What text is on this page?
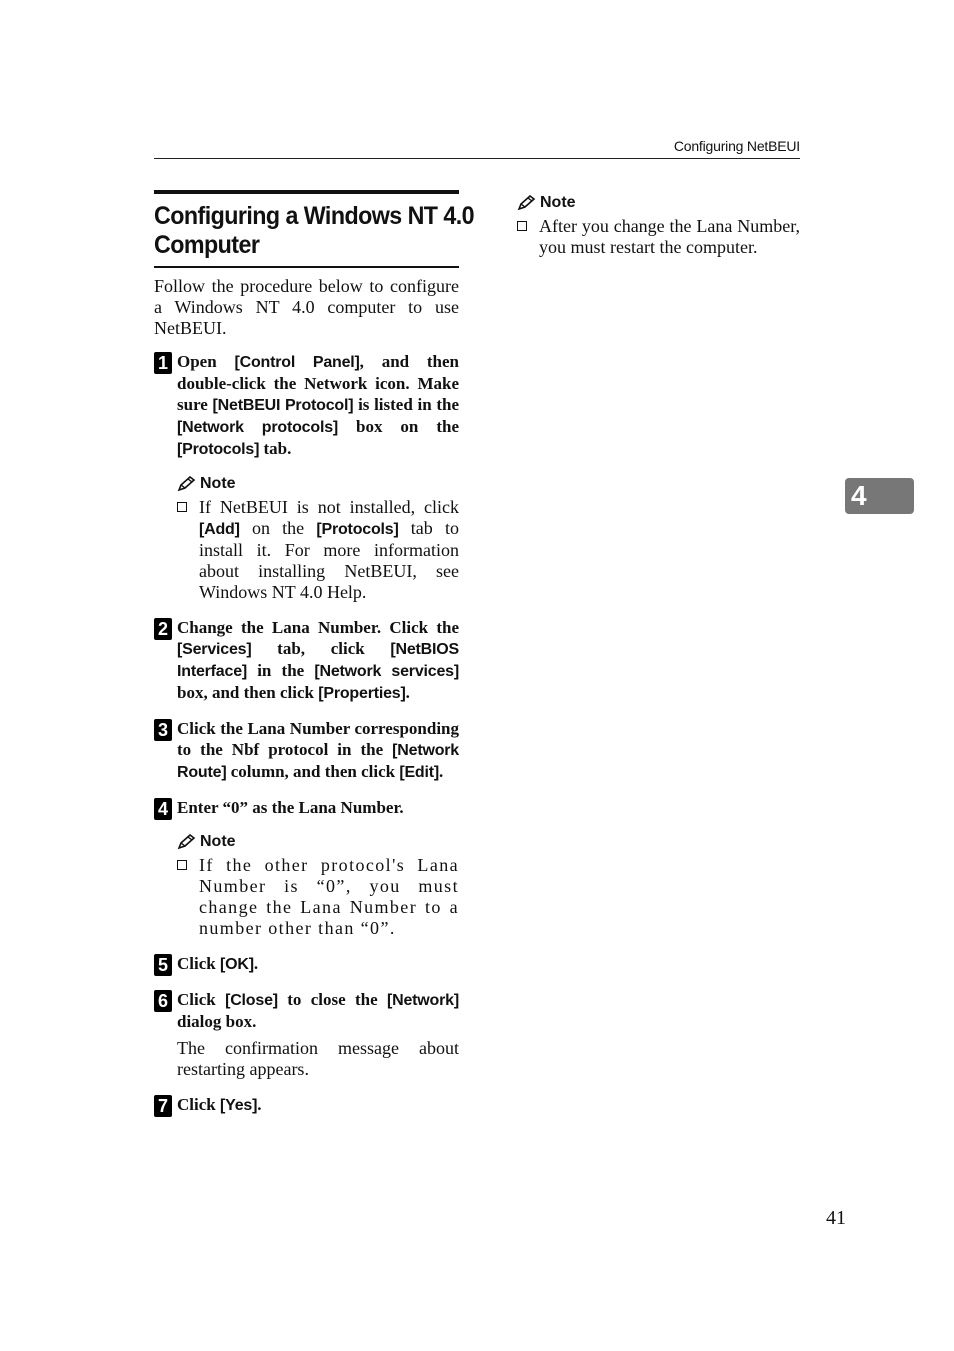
Configuring NetBEUI
Configuring a Windows NT 4.0
Computer
Follow the procedure below to configure a Windows NT 4.0 computer to use NetBEUI.
1 Open [Control Panel], and then double-click the Network icon. Make sure [NetBEUI Protocol] is listed in the [Network protocols] box on the [Protocols] tab.
Note
If NetBEUI is not installed, click [Add] on the [Protocols] tab to install it. For more information about installing NetBEUI, see Windows NT 4.0 Help.
2 Change the Lana Number. Click the [Services] tab, click [NetBIOS Interface] in the [Network services] box, and then click [Properties].
3 Click the Lana Number corresponding to the Nbf protocol in the [Network Route] column, and then click [Edit].
4 Enter “0” as the Lana Number.
Note
If the other protocol's Lana Number is “0”, you must change the Lana Number to a number other than “0”.
5 Click [OK].
6 Click [Close] to close the [Network] dialog box.
The confirmation message about restarting appears.
7 Click [Yes].
Note
After you change the Lana Number, you must restart the computer.
4
41
